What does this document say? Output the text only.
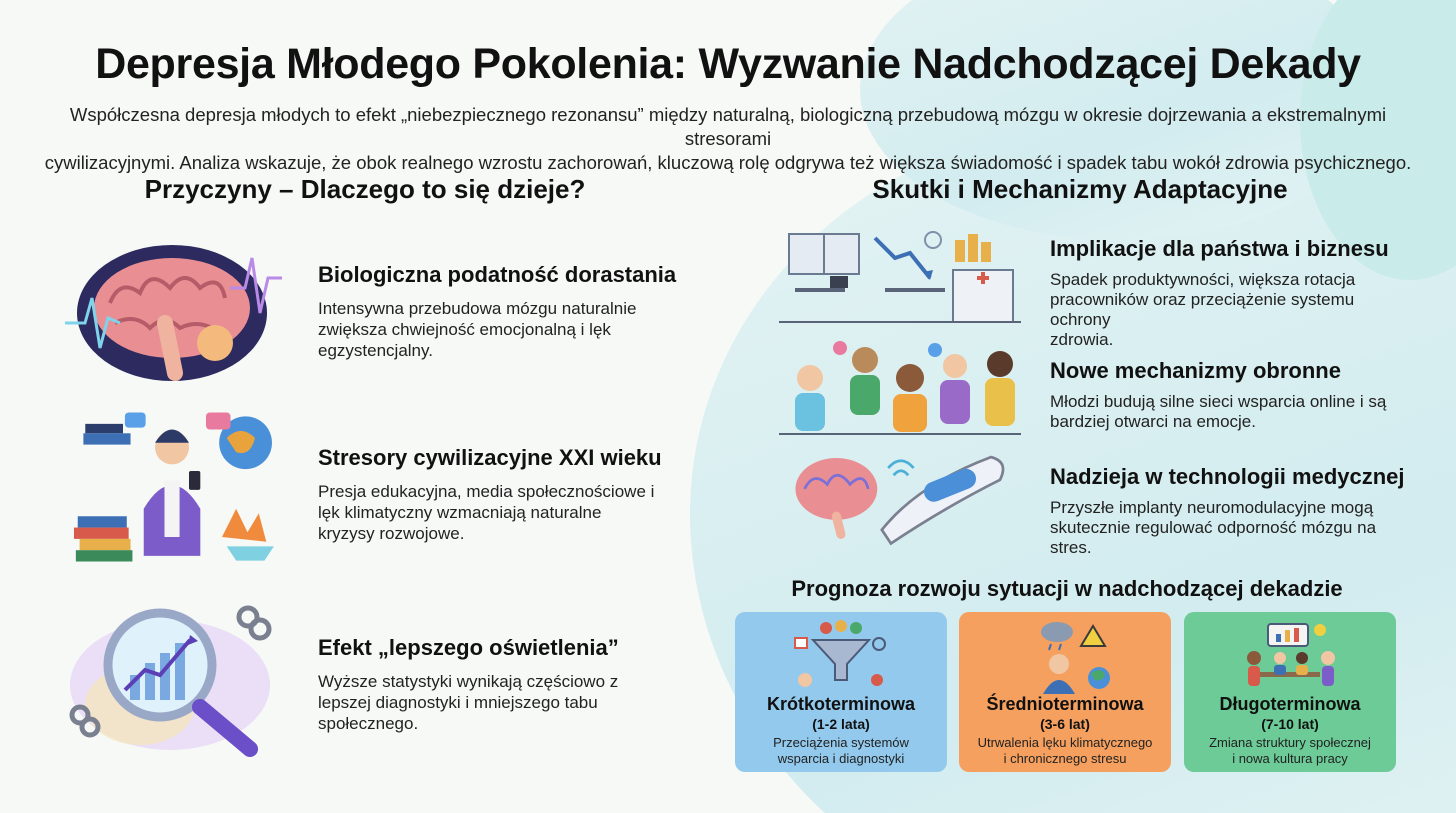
Depresja Młodego Pokolenia: Wyzwanie Nadchodzącej Dekady
Współczesna depresja młodych to efekt „niebezpiecznego rezonansu” między naturalną, biologiczną przebudową mózgu w okresie dojrzewania a ekstremalnymi stresorami
cywilizacyjnymi. Analiza wskazuje, że obok realnego wzrostu zachorowań, kluczową rolę odgrywa też większa świadomość i spadek tabu wokół zdrowia psychicznego.
Przyczyny – Dlaczego to się dzieje?
Biologiczna podatność dorastania

Intensywna przebudowa mózgu naturalnie
zwiększa chwiejność emocjonalną i lęk
egzystencjalny.

Stresory cywilizacyjne XXI wieku

Presja edukacyjna, media społecznościowe i
lęk klimatyczny wzmacniają naturalne
kryzysy rozwojowe.

Efekt „lepszego oświetlenia”

Wyższe statystyki wynikają częściowo z
lepszej diagnostyki i mniejszego tabu
społecznego.

Skutki i Mechanizmy Adaptacyjne
Implikacje dla państwa i biznesu

Spadek produktywności, większa rotacja
pracowników oraz przeciążenie systemu ochrony
zdrowia.

Nowe mechanizmy obronne

Młodzi budują silne sieci wsparcia online i są
bardziej otwarci na emocje.

Nadzieja w technologii medycznej

Przyszłe implanty neuromodulacyjne mogą
skutecznie regulować odporność mózgu na stres.

Prognoza rozwoju sytuacji w nadchodzącej dekadzie
Krótkoterminowa
(1-2 lata)
Przeciążenia systemów
wsparcia i diagnostyki
Średnioterminowa
(3-6 lat)
Utrwalenia lęku klimatycznego
i chronicznego stresu
Długoterminowa
(7-10 lat)
Zmiana struktury społecznej
i nowa kultura pracy
